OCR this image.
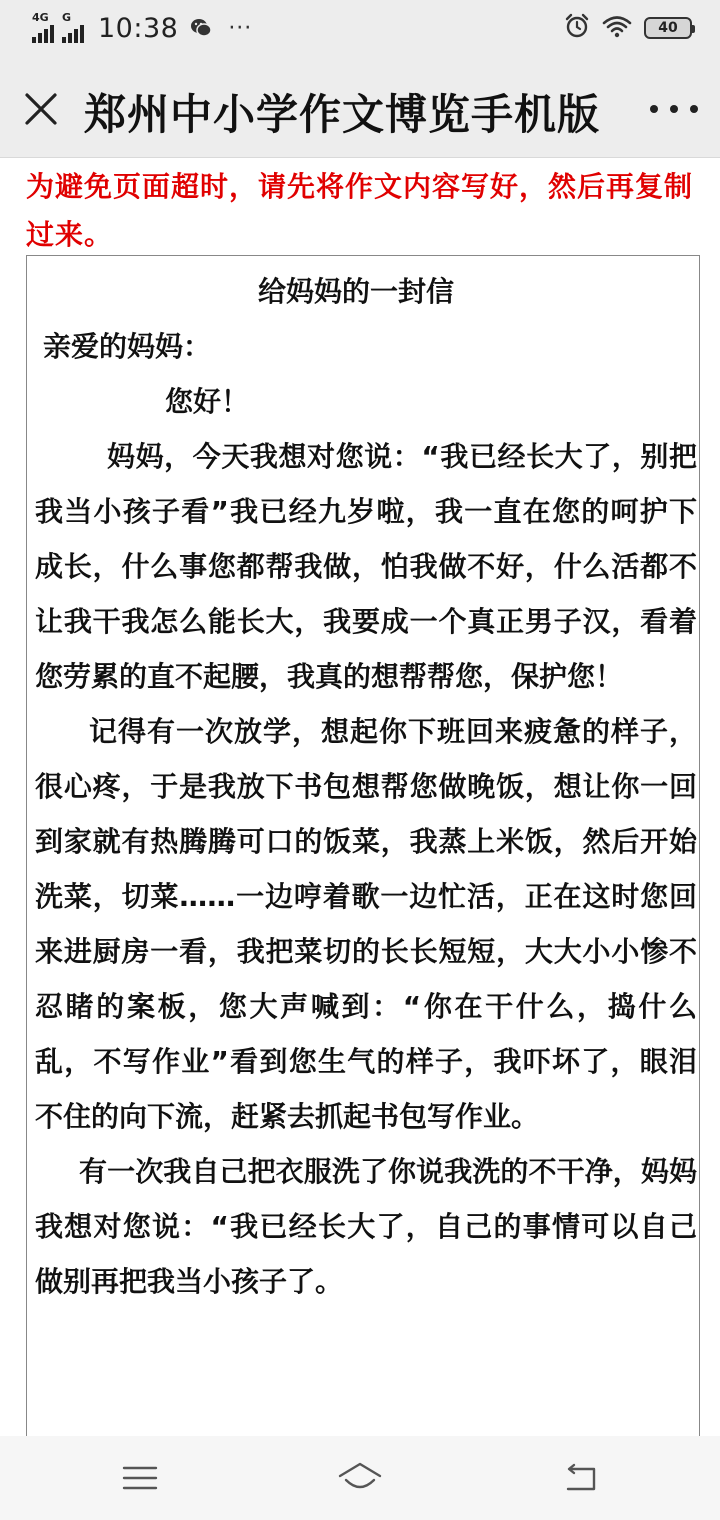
4G G 10:38 ···	40
郑州中小学作文博览手机版
为避免页面超时，请先将作文内容写好，然后再复制过来。
给妈妈的一封信
亲爱的妈妈：
您好！

妈妈，今天我想对您说：“我已经长大了，别把我当小孩子看”我已经九岁啦，我一直在您的呵护下成长，什么事您都帮我做，怕我做不好，什么活都不让我干我怎么能长大，我要成一个真正男子汉，看着您劳累的直不起腰，我真的想帮帮您，保护您！

记得有一次放学，想起你下班回来疲惫的样子，很心疼，于是我放下书包想帮您做晚饭，想让你一回到家就有热腾腾可口的饭菜，我蒸上米饭，然后开始洗菜，切菜……一边哼着歌一边忙活，正在这时您回来进厨房一看，我把菜切的长长短短，大大小小惨不忍睹的案板，您大声喊到：“你在干什么，捣什么乱，不写作业”看到您生气的样子，我吓坏了，眼泪不住的向下流，赶紧去抓起书包写作业。

有一次我自己把衣服洗了你说我洗的不干净，妈妈我想对您说：“我已经长大了，自己的事情可以自己做别再把我当小孩子了。
